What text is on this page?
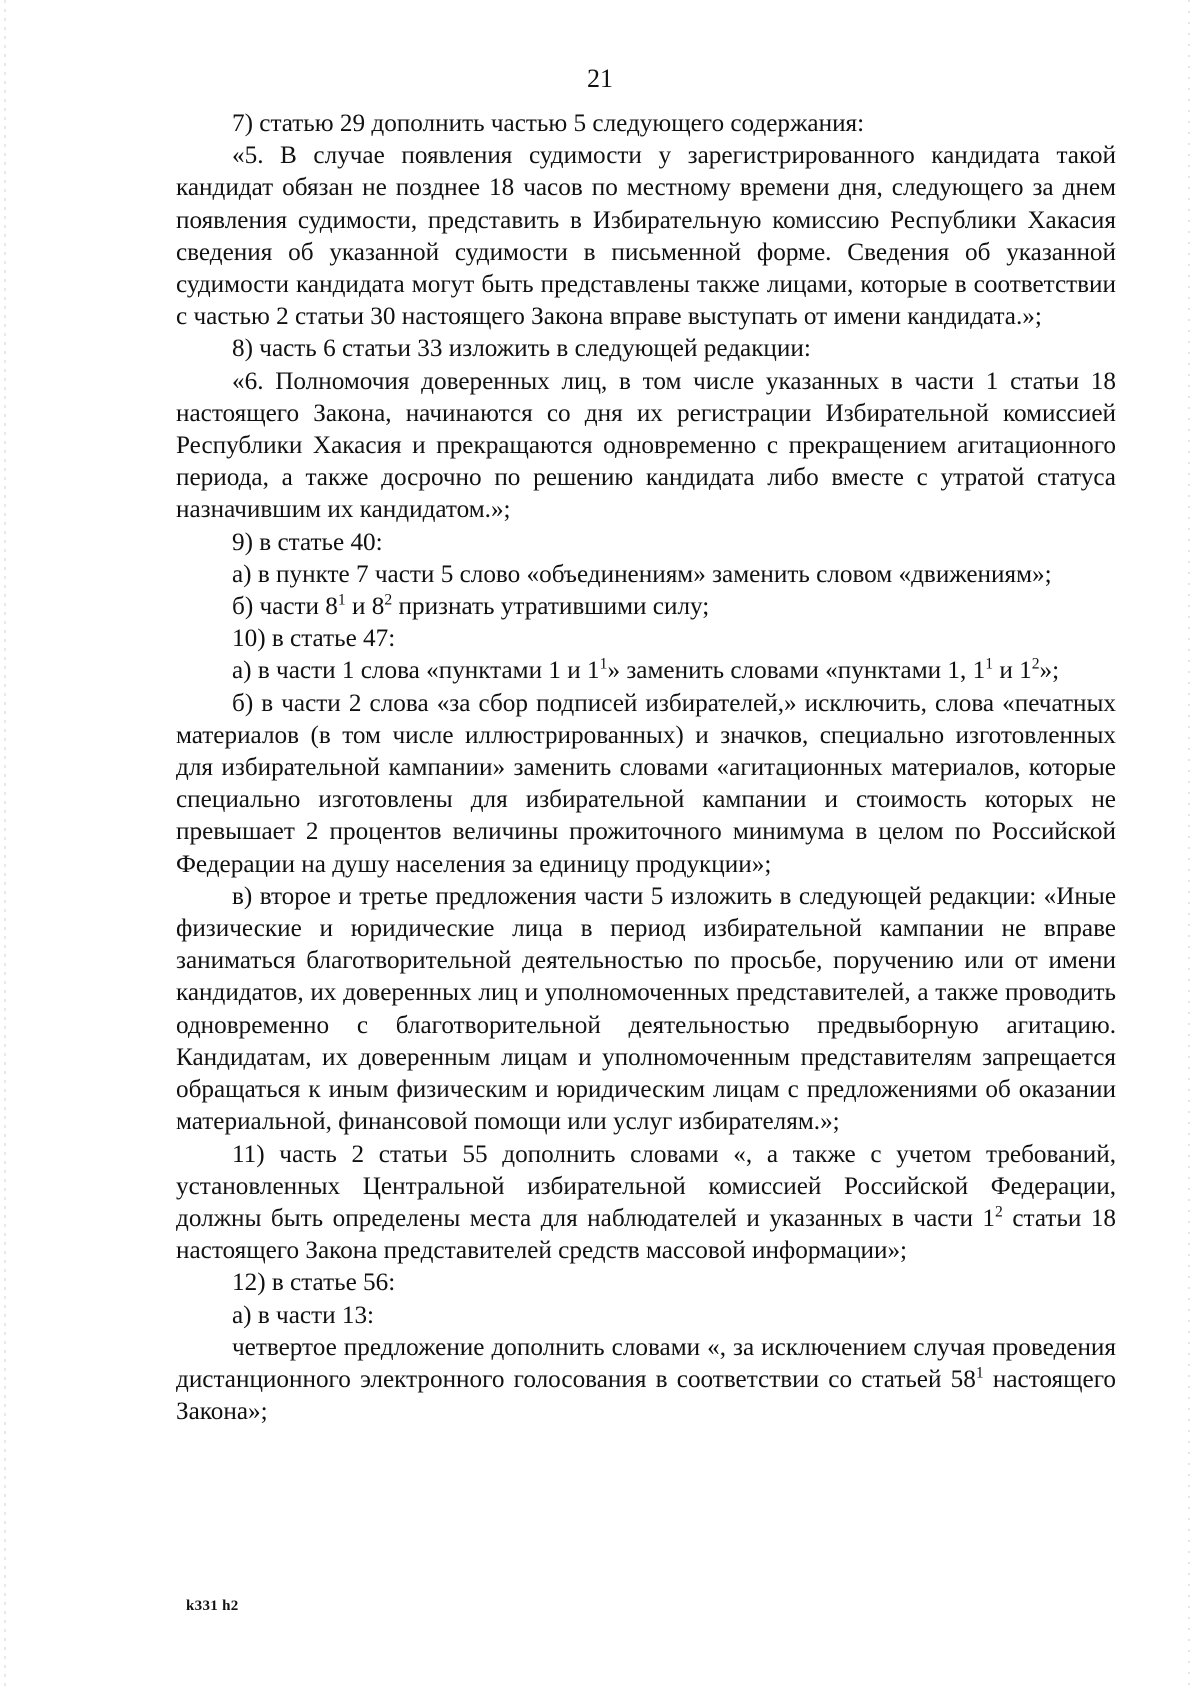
21

7) статью 29 дополнить частью 5 следующего содержания:

«5. В случае появления судимости у зарегистрированного кандидата такой кандидат обязан не позднее 18 часов по местному времени дня, следующего за днем появления судимости, представить в Избирательную комиссию Республики Хакасия сведения об указанной судимости в письменной форме. Сведения об указанной судимости кандидата могут быть представлены также лицами, которые в соответствии с частью 2 статьи 30 настоящего Закона вправе выступать от имени кандидата.»;

8) часть 6 статьи 33 изложить в следующей редакции:

«6. Полномочия доверенных лиц, в том числе указанных в части 1 статьи 18 настоящего Закона, начинаются со дня их регистрации Избирательной комиссией Республики Хакасия и прекращаются одновременно с прекращением агитационного периода, а также досрочно по решению кандидата либо вместе с утратой статуса назначившим их кандидатом.»;

9) в статье 40:

а) в пункте 7 части 5 слово «объединениям» заменить словом «движениям»;

б) части $8^1$ и $8^2$ признать утратившими силу;

10) в статье 47:

а) в части 1 слова «пунктами 1 и $1^1$» заменить словами «пунктами 1, $1^1$ и $1^2$»;

б) в части 2 слова «за сбор подписей избирателей,» исключить, слова «печатных материалов (в том числе иллюстрированных) и значков, специально изготовленных для избирательной кампании» заменить словами «агитационных материалов, которые специально изготовлены для избирательной кампании и стоимость которых не превышает 2 процентов величины прожиточного минимума в целом по Российской Федерации на душу населения за единицу продукции»;

в) второе и третье предложения части 5 изложить в следующей редакции: «Иные физические и юридические лица в период избирательной кампании не вправе заниматься благотворительной деятельностью по просьбе, поручению или от имени кандидатов, их доверенных лиц и уполномоченных представителей, а также проводить одновременно с благотворительной деятельностью предвыборную агитацию. Кандидатам, их доверенным лицам и уполномоченным представителям запрещается обращаться к иным физическим и юридическим лицам с предложениями об оказании материальной, финансовой помощи или услуг избирателям.»;

11) часть 2 статьи 55 дополнить словами «, а также с учетом требований, установленных Центральной избирательной комиссией Российской Федерации, должны быть определены места для наблюдателей и указанных в части $1^2$ статьи 18 настоящего Закона представителей средств массовой информации»;

12) в статье 56:

а) в части 13:

четвертое предложение дополнить словами «, за исключением случая проведения дистанционного электронного голосования в соответствии со статьей $58^1$ настоящего Закона»;

k331 h2
